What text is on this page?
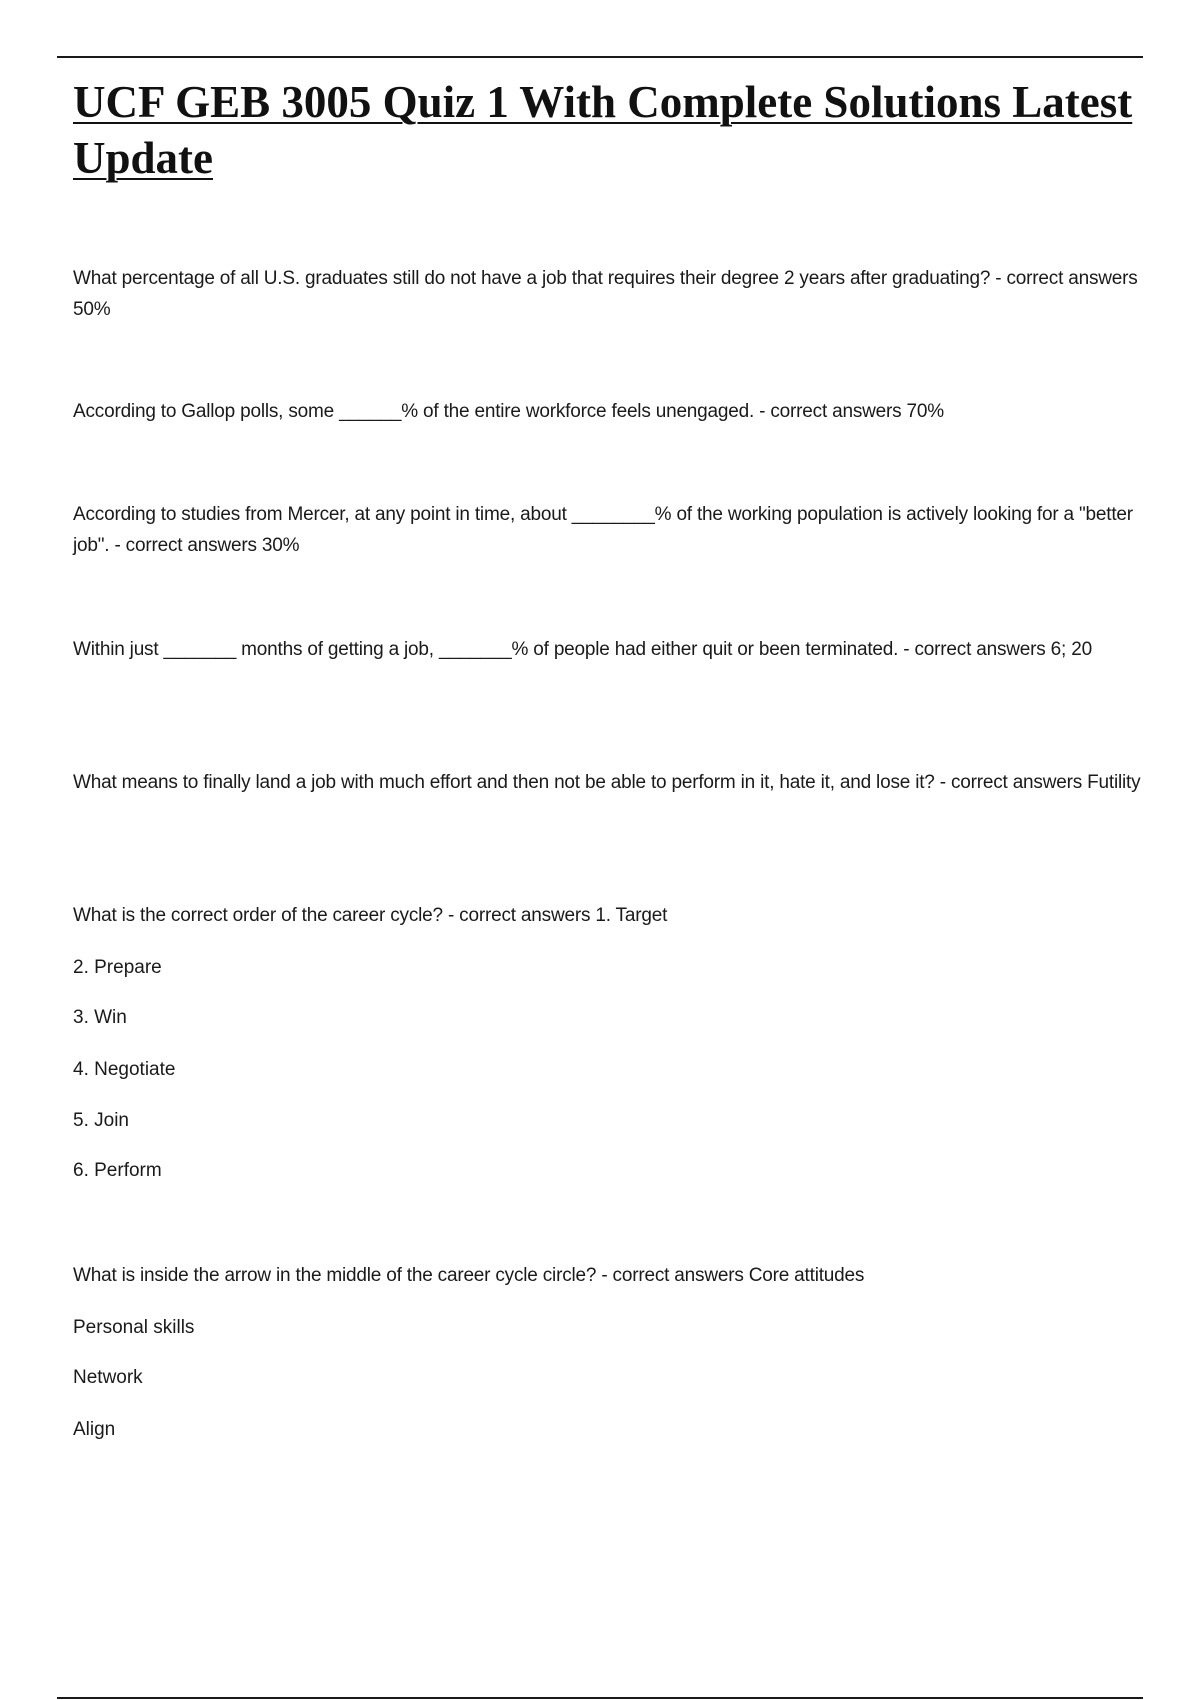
UCF GEB 3005 Quiz 1 With Complete Solutions Latest Update

What percentage of all U.S. graduates still do not have a job that requires their degree 2 years after graduating? - correct answers 50%

According to Gallop polls, some ______% of the entire workforce feels unengaged. - correct answers 70%

According to studies from Mercer, at any point in time, about ________% of the working population is actively looking for a "better job". - correct answers 30%

Within just _______ months of getting a job, _______% of people had either quit or been terminated. - correct answers 6; 20

What means to finally land a job with much effort and then not be able to perform in it, hate it, and lose it? - correct answers Futility

What is the correct order of the career cycle? - correct answers 1. Target

2. Prepare

3. Win

4. Negotiate

5. Join

6. Perform

What is inside the arrow in the middle of the career cycle circle? - correct answers Core attitudes

Personal skills

Network

Align
